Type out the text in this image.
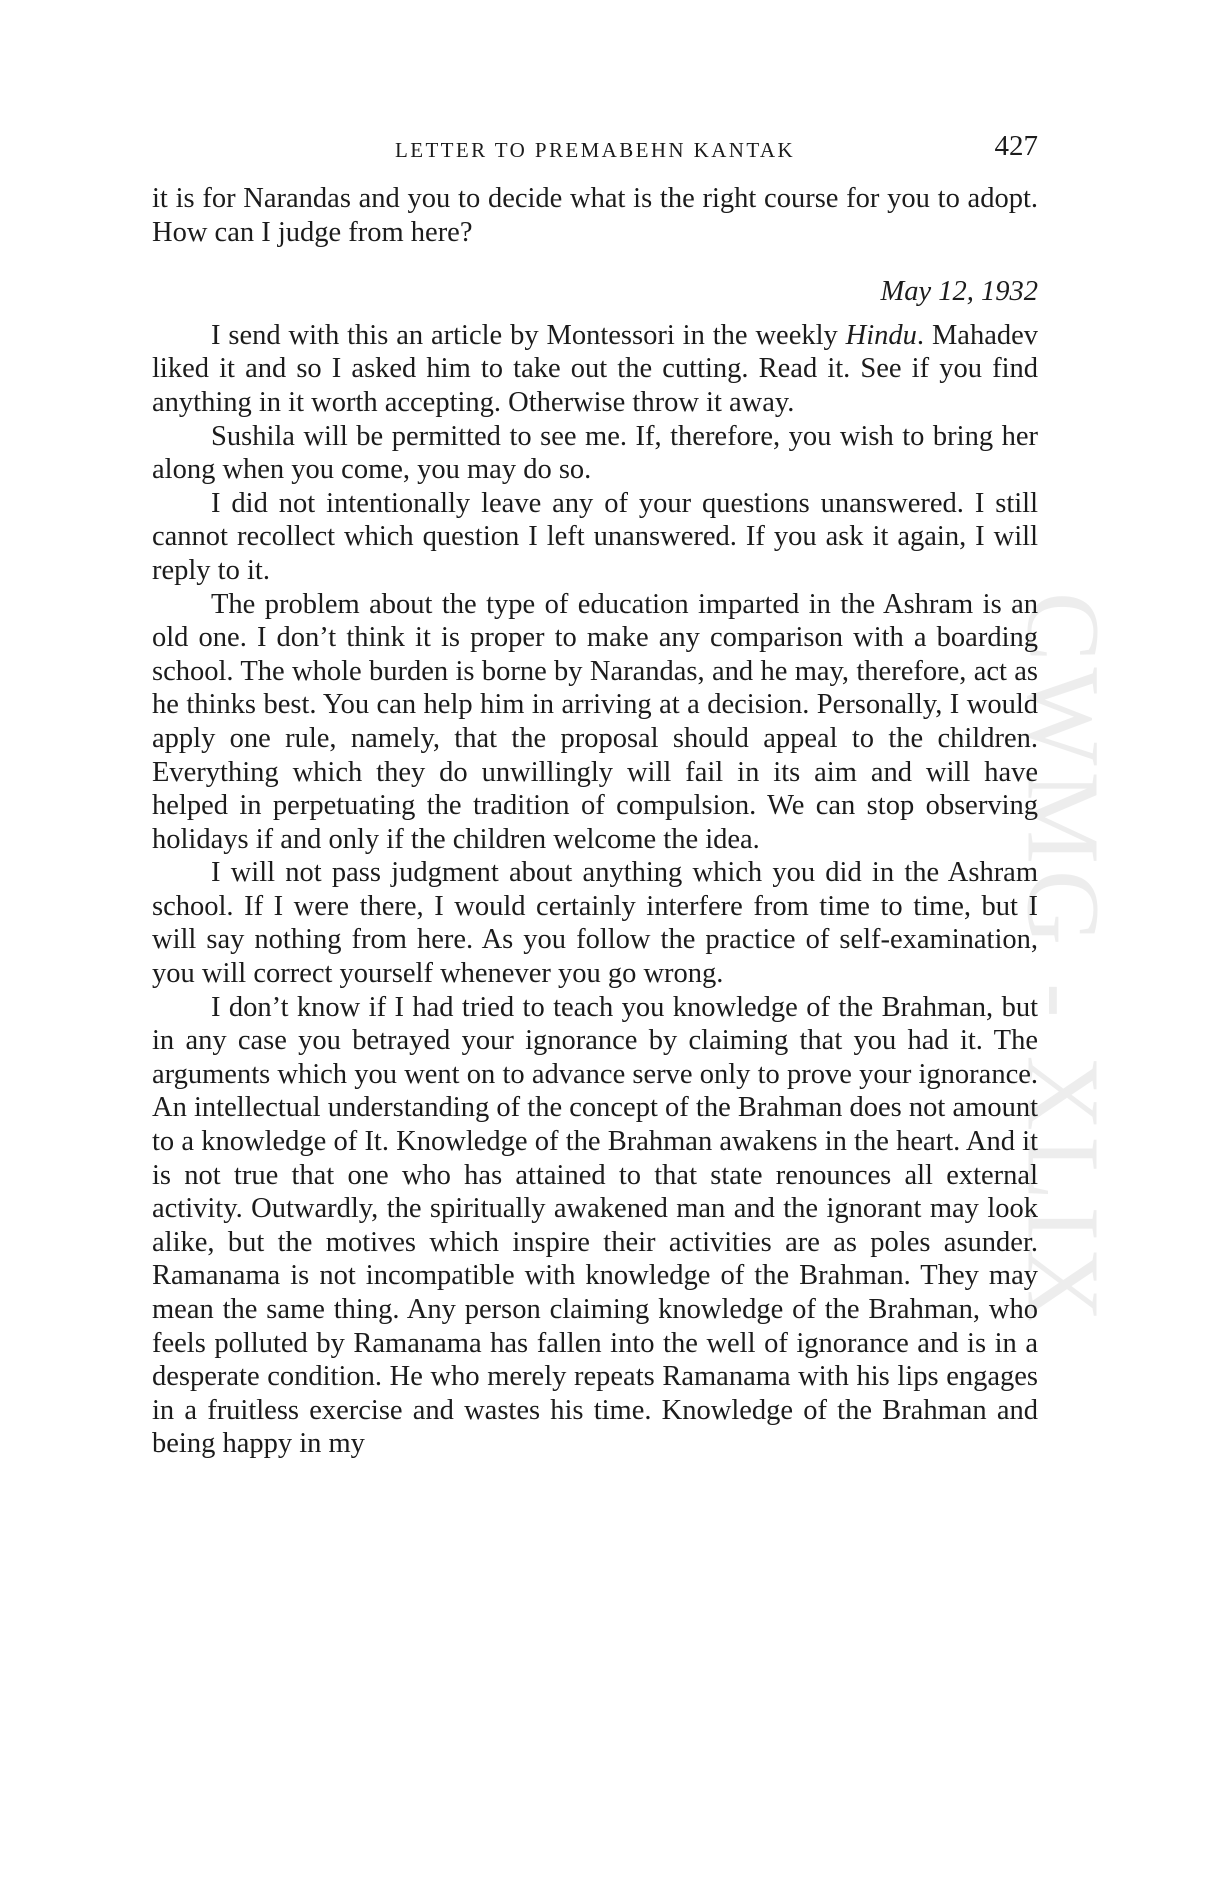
CWMG - XLIX
LETTER TO PREMABEHN KANTAK	427

it is for Narandas and you to decide what is the right course for you to adopt. How can I judge from here?

May 12, 1932

I send with this an article by Montessori in the weekly Hindu. Mahadev liked it and so I asked him to take out the cutting. Read it. See if you find anything in it worth accepting. Otherwise throw it away.

Sushila will be permitted to see me. If, therefore, you wish to bring her along when you come, you may do so.

I did not intentionally leave any of your questions unanswered. I still cannot recollect which question I left unanswered. If you ask it again, I will reply to it.

The problem about the type of education imparted in the Ashram is an old one. I don’t think it is proper to make any comparison with a boarding school. The whole burden is borne by Narandas, and he may, therefore, act as he thinks best. You can help him in arriving at a decision. Personally, I would apply one rule, namely, that the proposal should appeal to the children. Everything which they do unwillingly will fail in its aim and will have helped in perpetuating the tradition of compulsion. We can stop observing holidays if and only if the children welcome the idea.

I will not pass judgment about anything which you did in the Ashram school. If I were there, I would certainly interfere from time to time, but I will say nothing from here. As you follow the practice of self-examination, you will correct yourself whenever you go wrong.

I don’t know if I had tried to teach you knowledge of the Brahman, but in any case you betrayed your ignorance by claiming that you had it. The arguments which you went on to advance serve only to prove your ignorance. An intellectual understanding of the concept of the Brahman does not amount to a knowledge of It. Knowledge of the Brahman awakens in the heart. And it is not true that one who has attained to that state renounces all external activity. Outwardly, the spiritually awakened man and the ignorant may look alike, but the motives which inspire their activities are as poles asunder. Ramanama is not incompatible with knowledge of the Brahman. They may mean the same thing. Any person claiming knowledge of the Brahman, who feels polluted by Ramanama has fallen into the well of ignorance and is in a desperate condition. He who merely repeats Ramanama with his lips engages in a fruitless exercise and wastes his time. Knowledge of the Brahman and being happy in my
